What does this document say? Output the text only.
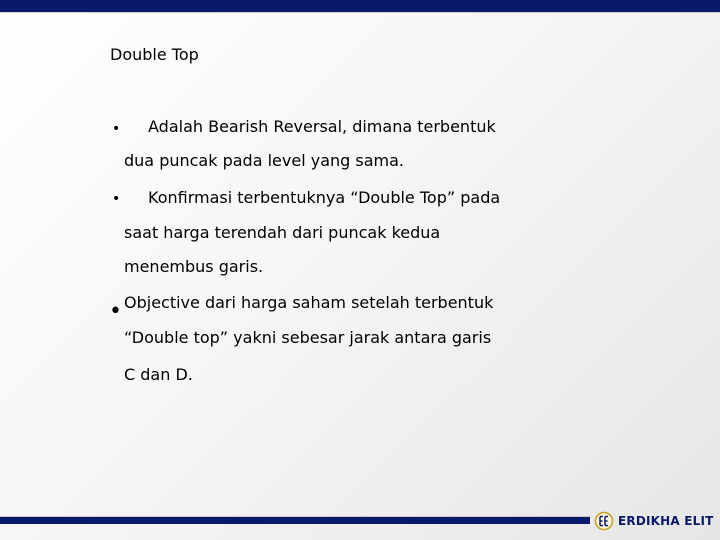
Double Top
• Adalah Bearish Reversal, dimana terbentuk
dua puncak pada level yang sama.
• Konfirmasi terbentuknya “Double Top” pada
saat harga terendah dari puncak kedua
menembus garis.
• Objective dari harga saham setelah terbentuk
“Double top” yakni sebesar jarak antara garis
C dan D.
ERDIKHA ELIT
